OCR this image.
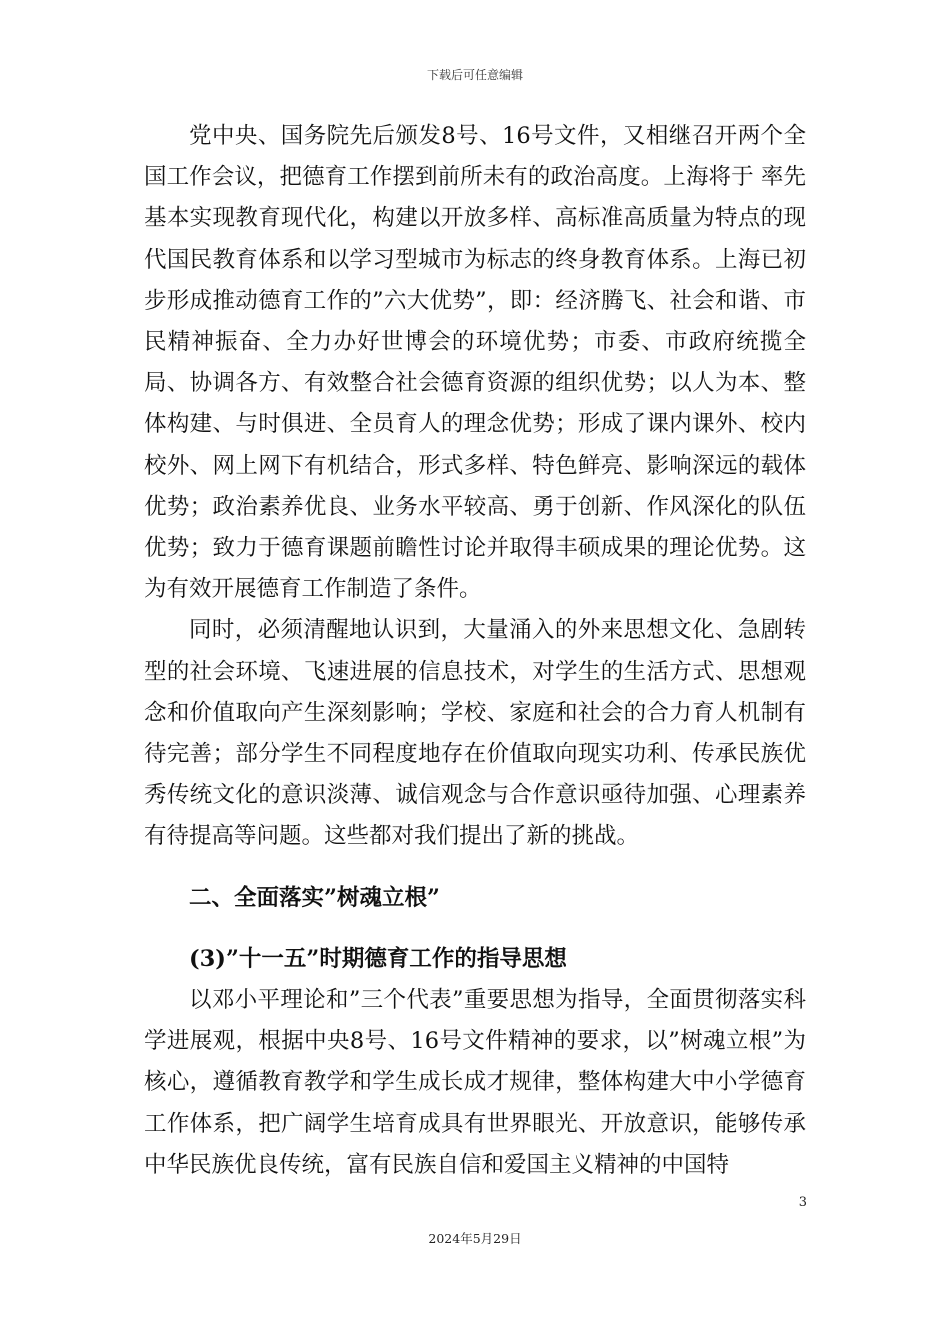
下载后可任意编辑

党中央、国务院先后颁发8号、16号文件，又相继召开两个全国工作会议，把德育工作摆到前所未有的政治高度。上海将于 率先基本实现教育现代化，构建以开放多样、高标准高质量为特点的现代国民教育体系和以学习型城市为标志的终身教育体系。上海已初步形成推动德育工作的”六大优势”，即：经济腾飞、社会和谐、市民精神振奋、全力办好世博会的环境优势；市委、市政府统揽全局、协调各方、有效整合社会德育资源的组织优势；以人为本、整体构建、与时俱进、全员育人的理念优势；形成了课内课外、校内校外、网上网下有机结合，形式多样、特色鲜亮、影响深远的载体优势；政治素养优良、业务水平较高、勇于创新、作风深化的队伍优势；致力于德育课题前瞻性讨论并取得丰硕成果的理论优势。这为有效开展德育工作制造了条件。

同时，必须清醒地认识到，大量涌入的外来思想文化、急剧转型的社会环境、飞速进展的信息技术，对学生的生活方式、思想观念和价值取向产生深刻影响；学校、家庭和社会的合力育人机制有待完善；部分学生不同程度地存在价值取向现实功利、传承民族优秀传统文化的意识淡薄、诚信观念与合作意识亟待加强、心理素养有待提高等问题。这些都对我们提出了新的挑战。

二、全面落实”树魂立根”

(3)”十一五”时期德育工作的指导思想

以邓小平理论和”三个代表”重要思想为指导，全面贯彻落实科学进展观，根据中央8号、16号文件精神的要求，以”树魂立根”为核心，遵循教育教学和学生成长成才规律，整体构建大中小学德育工作体系，把广阔学生培育成具有世界眼光、开放意识，能够传承中华民族优良传统，富有民族自信和爱国主义精神的中国特

3
2024年5月29日
